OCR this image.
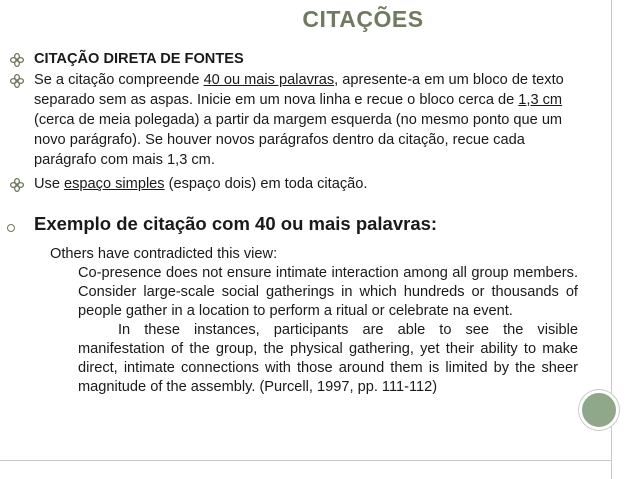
CITAÇÕES
CITAÇÃO DIRETA DE FONTES
Se a citação compreende 40 ou mais palavras, apresente-a em um bloco de texto separado sem as aspas. Inicie em um nova linha e recue o bloco cerca de 1,3 cm (cerca de meia polegada) a partir da margem esquerda (no mesmo ponto que um novo parágrafo). Se houver novos parágrafos dentro da citação, recue cada parágrafo com mais 1,3 cm.
Use espaço simples (espaço dois) em toda citação.
Exemplo de citação com 40 ou mais palavras:
Others have contradicted this view:

Co-presence does not ensure intimate interaction among all group members. Consider large-scale social gatherings in which hundreds or thousands of people gather in a location to perform a ritual or celebrate na event.

In these instances, participants are able to see the visible manifestation of the group, the physical gathering, yet their ability to make direct, intimate connections with those around them is limited by the sheer magnitude of the assembly. (Purcell, 1997, pp. 111-112)
